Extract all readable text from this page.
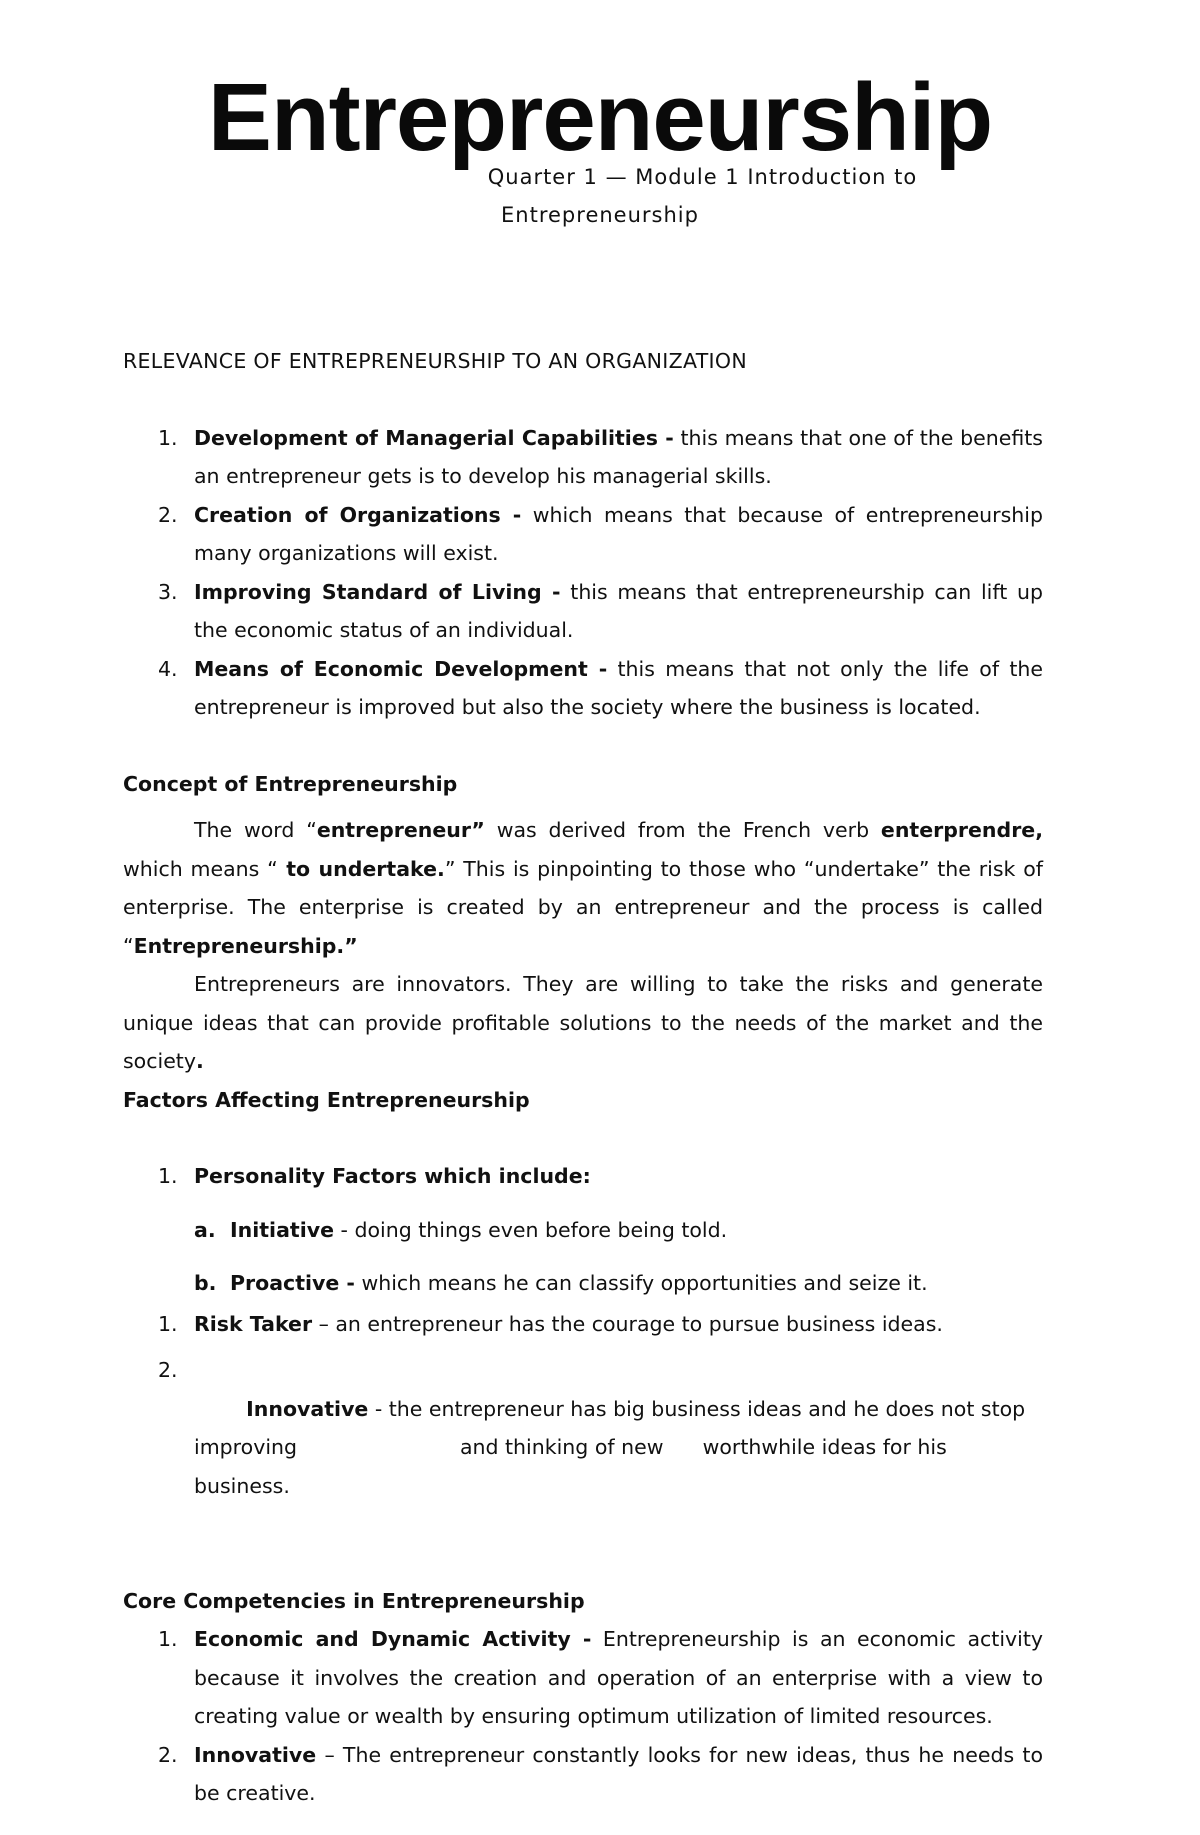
Entrepreneurship
Quarter 1 — Module 1 Introduction to
Entrepreneurship

RELEVANCE OF ENTREPRENEURSHIP TO AN ORGANIZATION

1. Development of Managerial Capabilities - this means that one of the benefits an entrepreneur gets is to develop his managerial skills.
2. Creation of Organizations - which means that because of entrepreneurship many organizations will exist.
3. Improving Standard of Living - this means that entrepreneurship can lift up the economic status of an individual.
4. Means of Economic Development - this means that not only the life of the entrepreneur is improved but also the society where the business is located.

Concept of Entrepreneurship

The word “entrepreneur” was derived from the French verb enterprendre, which means “ to undertake.” This is pinpointing to those who “undertake” the risk of enterprise. The enterprise is created by an entrepreneur and the process is called “Entrepreneurship.”

Entrepreneurs are innovators. They are willing to take the risks and generate unique ideas that can provide profitable solutions to the needs of the market and the society.

Factors Affecting Entrepreneurship

1. Personality Factors which include:
a. Initiative - doing things even before being told.
b. Proactive - which means he can classify opportunities and seize it.
1. Risk Taker – an entrepreneur has the courage to pursue business ideas.

2.
Innovative - the entrepreneur has big business ideas and he does not stop improving                         and thinking of new      worthwhile ideas for his business.

Core Competencies in Entrepreneurship

1. Economic and Dynamic Activity - Entrepreneurship is an economic activity because it involves the creation and operation of an enterprise with a view to creating value or wealth by ensuring optimum utilization of limited resources.
2. Innovative – The entrepreneur constantly looks for new ideas, thus he needs to be creative.
